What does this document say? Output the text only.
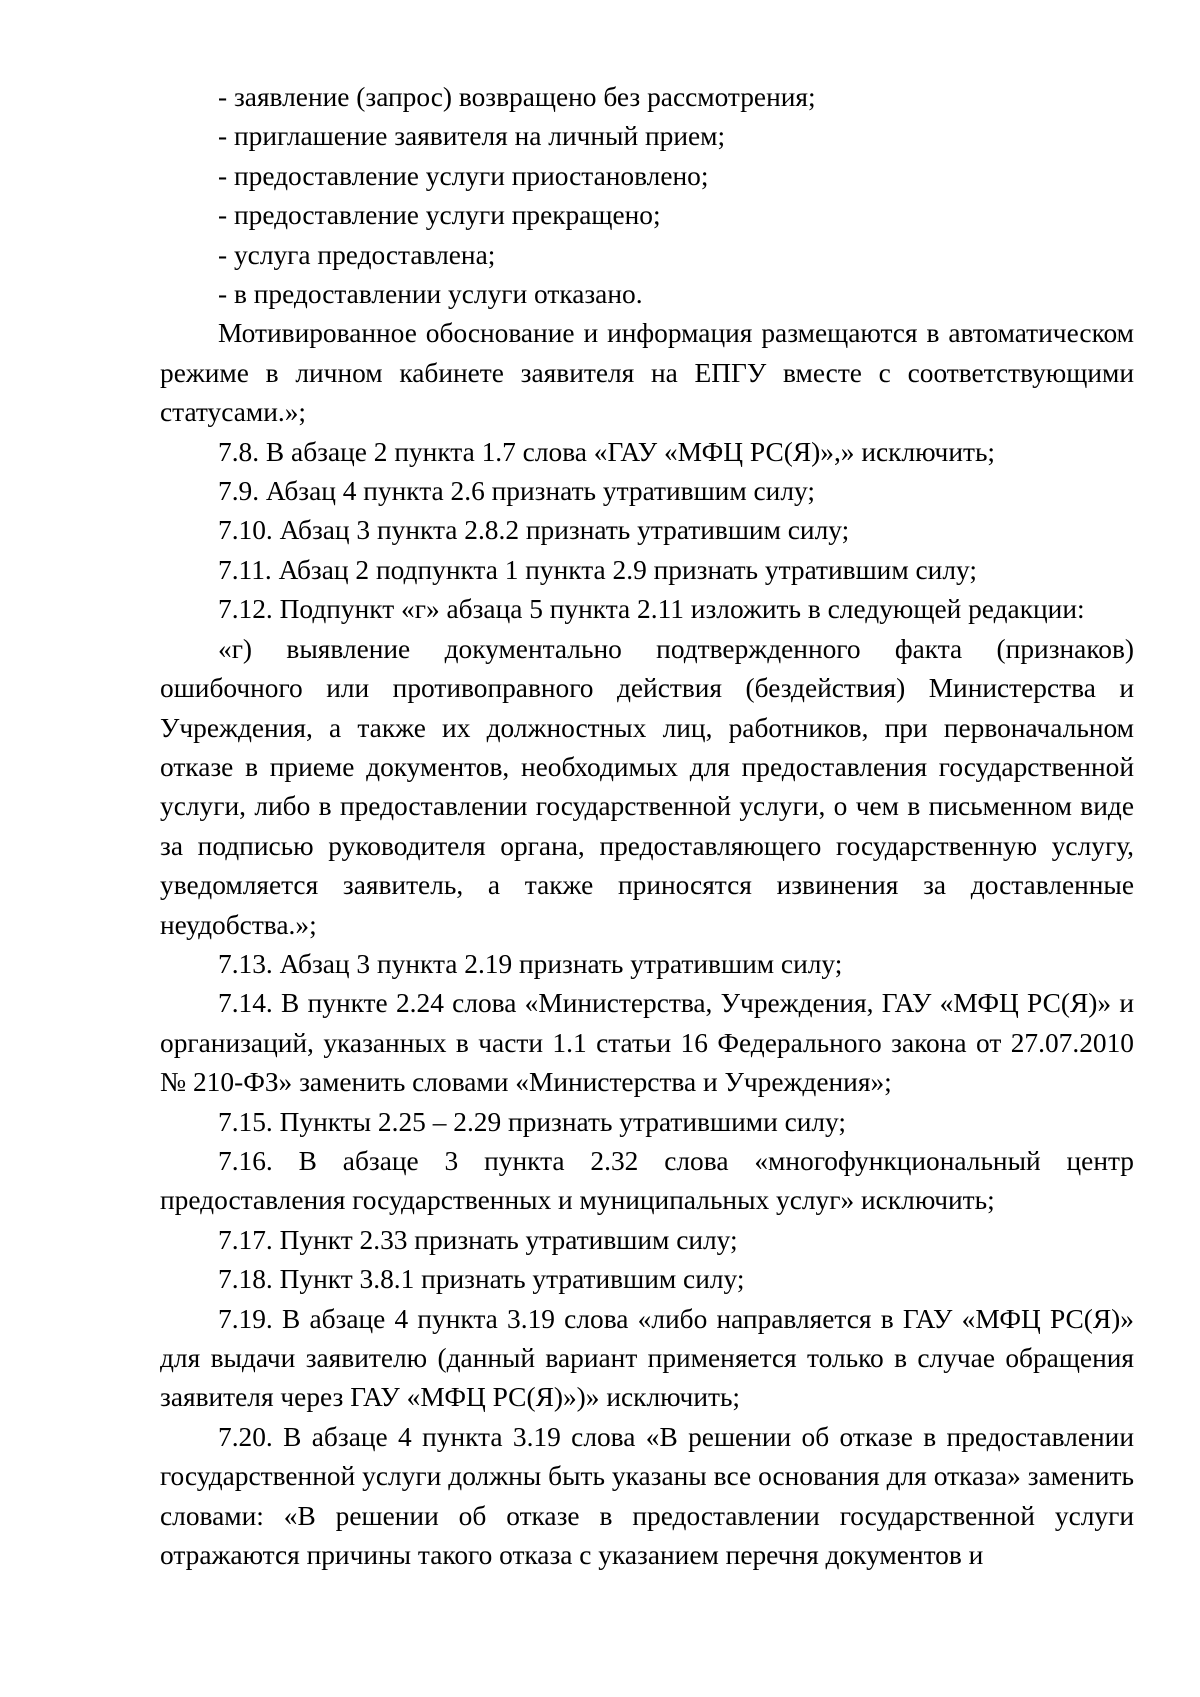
- заявление (запрос) возвращено без рассмотрения;

- приглашение заявителя на личный прием;

- предоставление услуги приостановлено;

- предоставление услуги прекращено;

- услуга предоставлена;

- в предоставлении услуги отказано.

Мотивированное обоснование и информация размещаются в автоматическом режиме в личном кабинете заявителя на ЕПГУ вместе с соответствующими статусами.»;

7.8. В абзаце 2 пункта 1.7 слова «ГАУ «МФЦ РС(Я)»,» исключить;

7.9. Абзац 4 пункта 2.6 признать утратившим силу;

7.10. Абзац 3 пункта 2.8.2 признать утратившим силу;

7.11. Абзац 2 подпункта 1 пункта 2.9 признать утратившим силу;

7.12. Подпункт «г» абзаца 5 пункта 2.11 изложить в следующей редакции:

«г) выявление документально подтвержденного факта (признаков) ошибочного или противоправного действия (бездействия) Министерства и Учреждения, а также их должностных лиц, работников, при первоначальном отказе в приеме документов, необходимых для предоставления государственной услуги, либо в предоставлении государственной услуги, о чем в письменном виде за подписью руководителя органа, предоставляющего государственную услугу, уведомляется заявитель, а также приносятся извинения за доставленные неудобства.»;

7.13. Абзац 3 пункта 2.19 признать утратившим силу;

7.14. В пункте 2.24 слова «Министерства, Учреждения, ГАУ «МФЦ РС(Я)» и организаций, указанных в части 1.1 статьи 16 Федерального закона от 27.07.2010 № 210-ФЗ» заменить словами «Министерства и Учреждения»;

7.15. Пункты 2.25 – 2.29 признать утратившими силу;

7.16. В абзаце 3 пункта 2.32 слова «многофункциональный центр предоставления государственных и муниципальных услуг» исключить;

7.17. Пункт 2.33 признать утратившим силу;

7.18. Пункт 3.8.1 признать утратившим силу;

7.19. В абзаце 4 пункта 3.19 слова «либо направляется в ГАУ «МФЦ РС(Я)» для выдачи заявителю (данный вариант применяется только в случае обращения заявителя через ГАУ «МФЦ РС(Я)»)» исключить;

7.20. В абзаце 4 пункта 3.19 слова «В решении об отказе в предоставлении государственной услуги должны быть указаны все основания для отказа» заменить словами: «В решении об отказе в предоставлении государственной услуги отражаются причины такого отказа с указанием перечня документов и
